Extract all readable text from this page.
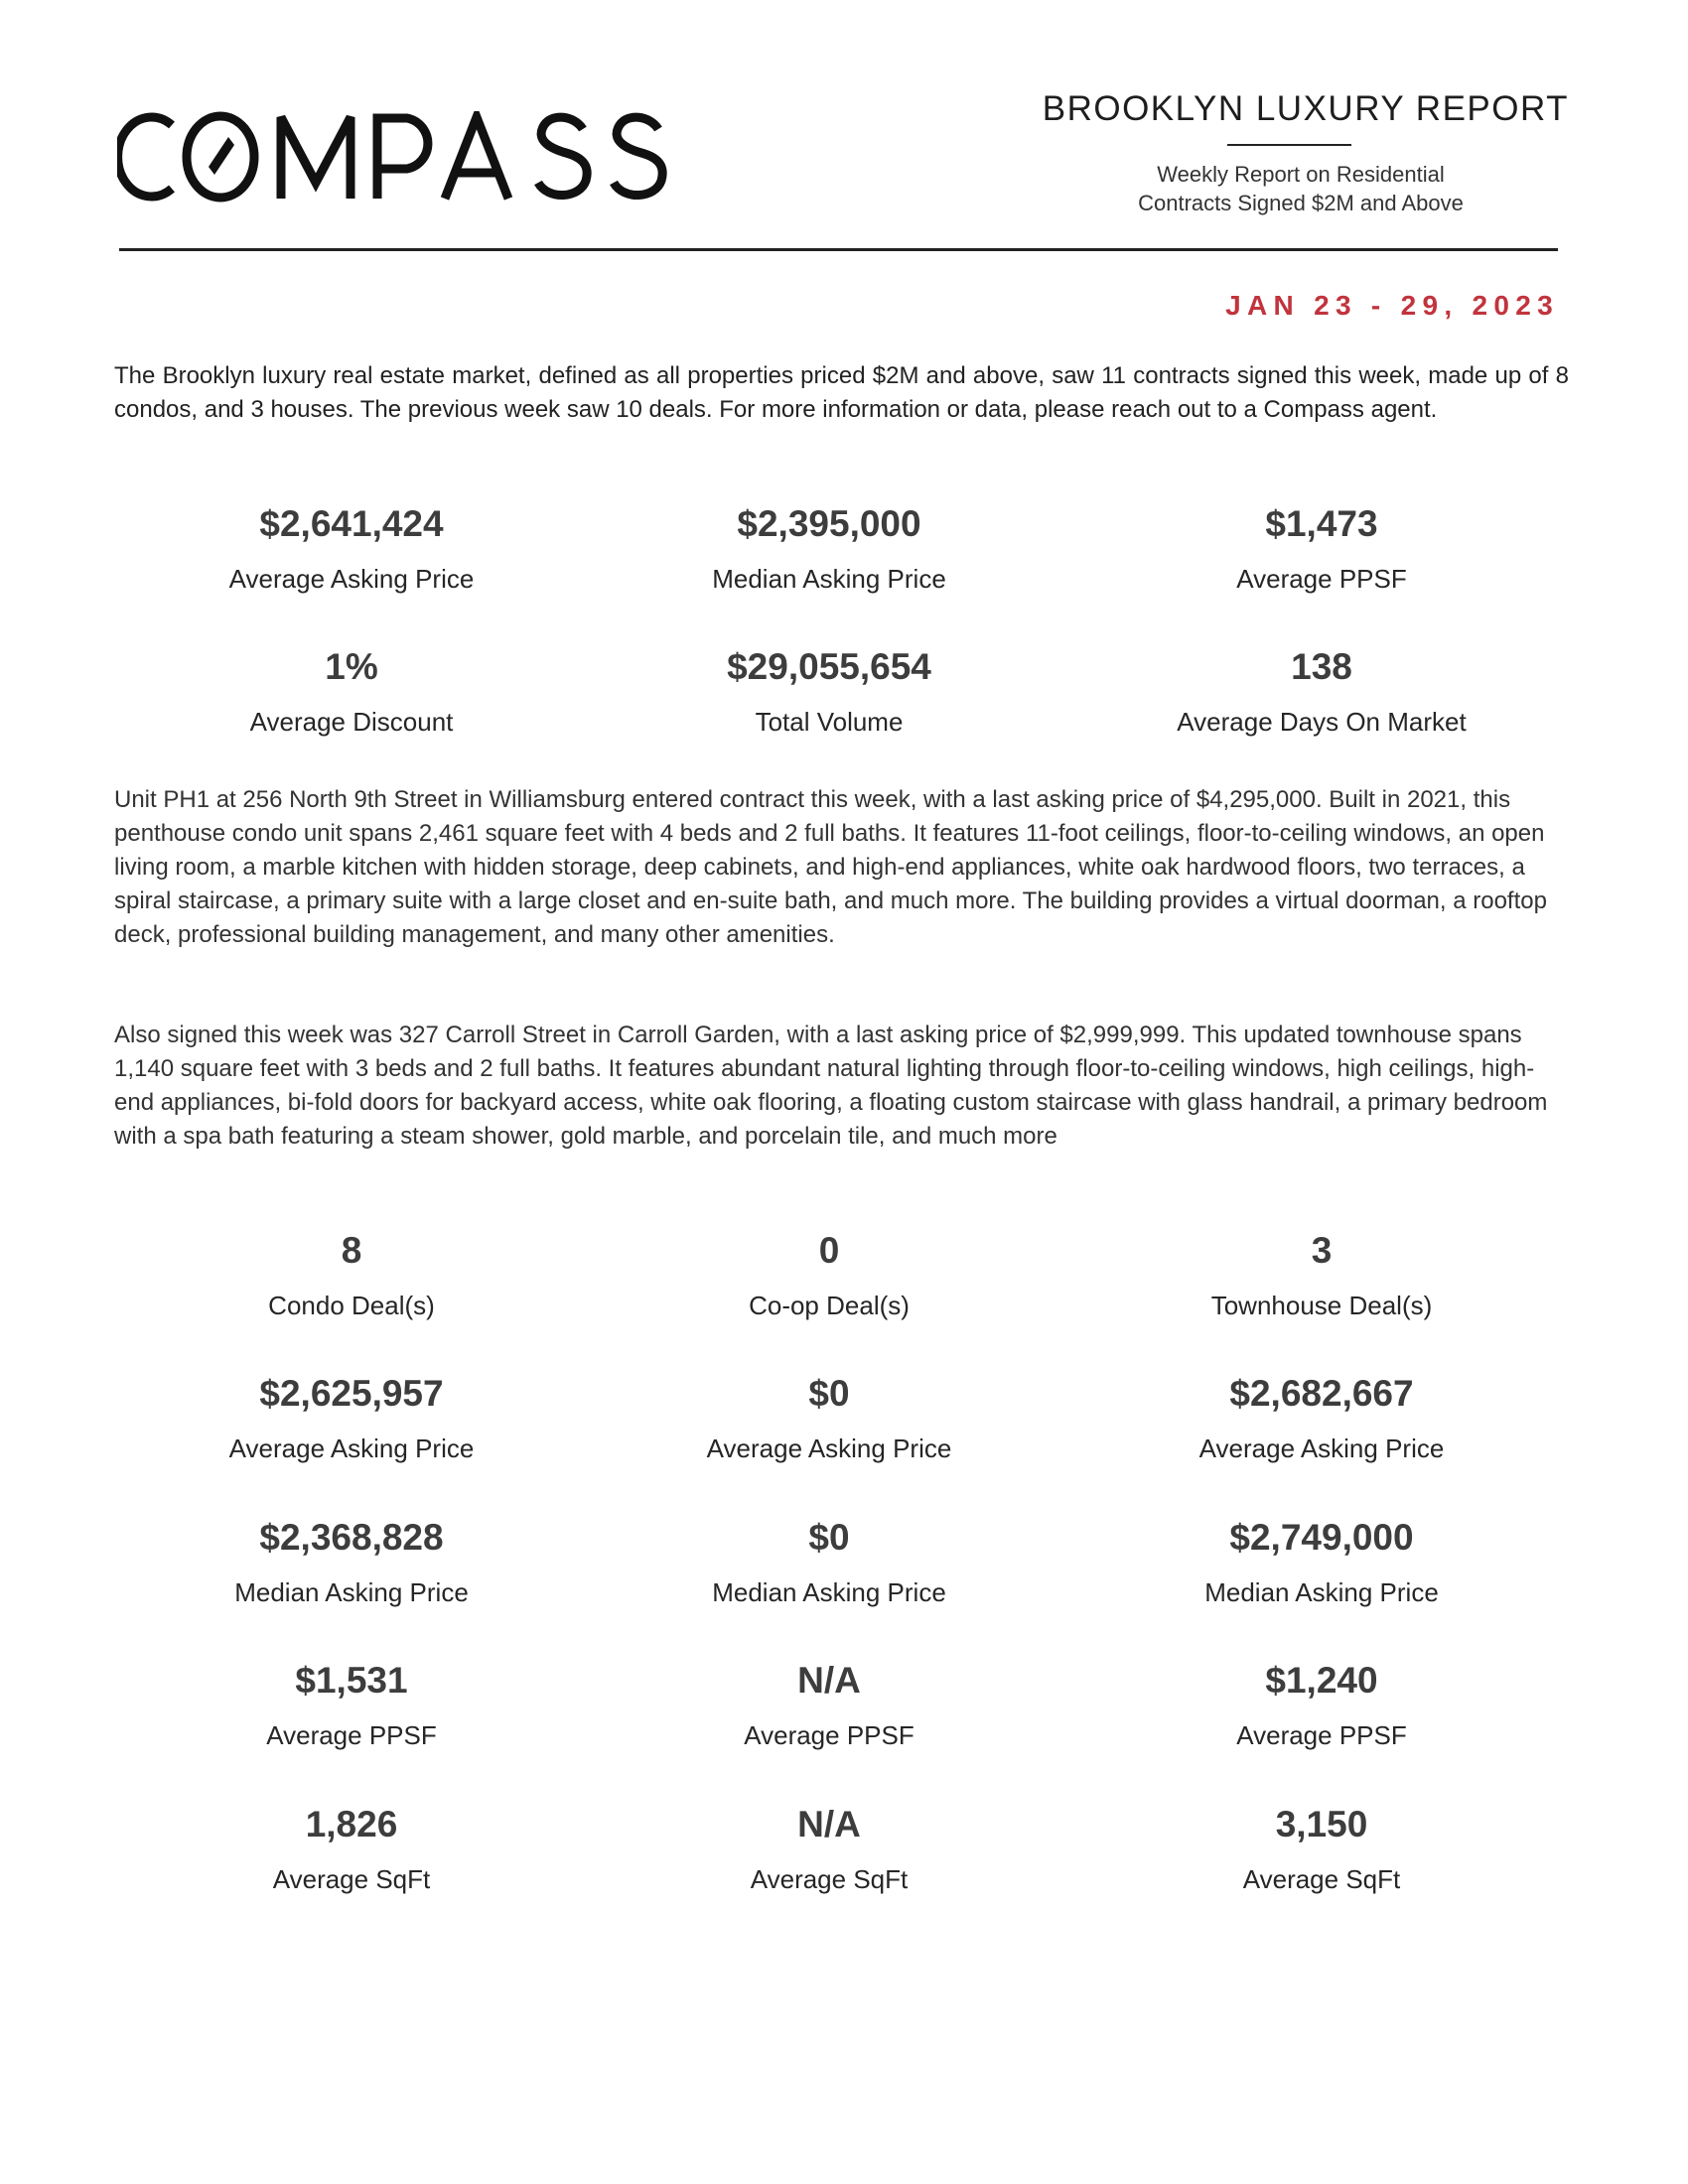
BROOKLYN LUXURY REPORT
Weekly Report on Residential
Contracts Signed $2M and Above
JAN 23 - 29, 2023
The Brooklyn luxury real estate market, defined as all properties priced $2M and above, saw 11 contracts signed this week, made up of 8 condos, and 3 houses. The previous week saw 10 deals. For more information or data, please reach out to a Compass agent.
$2,641,424
Average Asking Price
$2,395,000
Median Asking Price
$1,473
Average PPSF
1%
Average Discount
$29,055,654
Total Volume
138
Average Days On Market
Unit PH1 at 256 North 9th Street in Williamsburg entered contract this week, with a last asking price of $4,295,000. Built in 2021, this penthouse condo unit spans 2,461 square feet with 4 beds and 2 full baths. It features 11-foot ceilings, floor-to-ceiling windows, an open living room, a marble kitchen with hidden storage, deep cabinets, and high-end appliances, white oak hardwood floors, two terraces, a spiral staircase, a primary suite with a large closet and en-suite bath, and much more. The building provides a virtual doorman, a rooftop deck, professional building management, and many other amenities.
Also signed this week was 327 Carroll Street in Carroll Garden, with a last asking price of $2,999,999. This updated townhouse spans 1,140 square feet with 3 beds and 2 full baths. It features abundant natural lighting through floor-to-ceiling windows, high ceilings, high-end appliances, bi-fold doors for backyard access, white oak flooring, a floating custom staircase with glass handrail, a primary bedroom with a spa bath featuring a steam shower, gold marble, and porcelain tile, and much more
8
Condo Deal(s)
$2,625,957
Average Asking Price
$2,368,828
Median Asking Price
$1,531
Average PPSF
1,826
Average SqFt
0
Co-op Deal(s)
$0
Average Asking Price
$0
Median Asking Price
N/A
Average PPSF
N/A
Average SqFt
3
Townhouse Deal(s)
$2,682,667
Average Asking Price
$2,749,000
Median Asking Price
$1,240
Average PPSF
3,150
Average SqFt
